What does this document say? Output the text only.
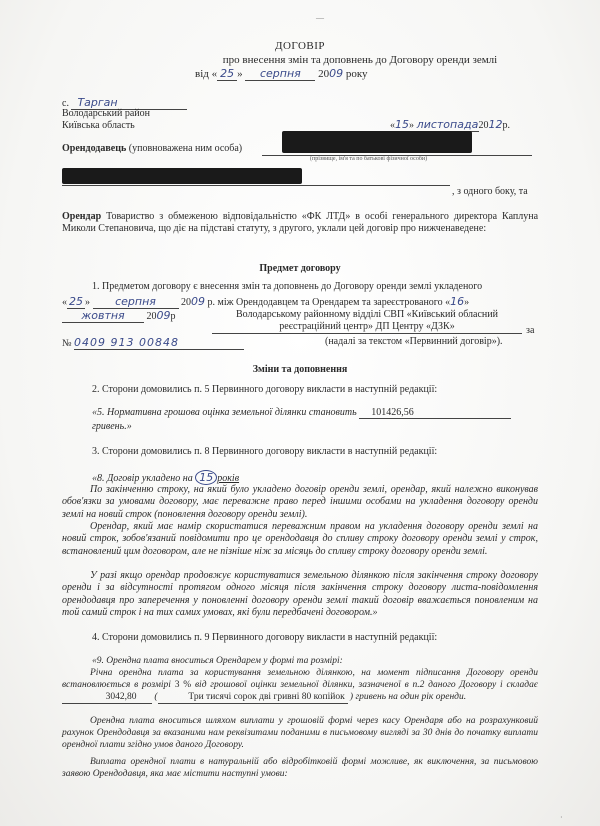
ДОГОВІР
про внесення змін та доповнень до Договору оренди землі
від « 25 » серпня 2009 року
с. Тарган
Володарський район
Київська область	«15» листопада2012р.
Орендодавець (уповноважена ним особа)
(прізвище, ім'я та по батькові фізичної особи)
, з одного боку, та
Орендар Товариство з обмеженою відповідальністю «ФК ЛТД» в особі генерального директора Каплуна Миколи Степановича, що діє на підставі статуту, з другого, уклали цей договір про нижченаведене:
Предмет договору
1. Предметом договору є внесення змін та доповнень до Договору оренди землі укладеного
« 25 » серпня	2009 р. між Орендодавцем та Орендарем та зареєстрованого «16»
жовтня 2009р	Володарському районному відділі СВП «Київський обласний реєстраційний центр» ДП Центру «ДЗК»	за
№ 0409 913 00848	(надалі за текстом «Первинний договір»).
Зміни та доповнення
2. Сторони домовились п. 5 Первинного договору викласти в наступній редакції:
«5. Нормативна грошова оцінка земельної ділянки становить 101426,56
гривень.»
3. Сторони домовились п. 8 Первинного договору викласти в наступній редакції:
«8. Договір укладено на 15 років
По закінченню строку, на який було укладено договір оренди землі, орендар, який належно виконував обов'язки за умовами договору, має переважне право перед іншими особами на укладення договору оренди землі на новий строк (поновлення договору оренди землі).
Орендар, який має намір скористатися переважним правом на укладення договору оренди землі на новий строк, зобов'язаний повідомити про це орендодавця до спливу строку договору оренди землі у строк, встановлений цим договором, але не пізніше ніж за місяць до спливу строку договору оренди землі.
У разі якщо орендар продовжує користуватися земельною ділянкою після закінчення строку договору оренди і за відсутності протягом одного місяця після закінчення строку договору листа-повідомлення орендодавця про заперечення у поновленні договору оренди землі такий договір вважається поновленим на той самий строк і на тих самих умовах, які були передбачені договором.»
4. Сторони домовились п. 9 Первинного договору викласти в наступній редакції:
«9. Орендна плата вноситься Орендарем у формі та розмірі:
Річна орендна плата за користування земельною ділянкою, на момент підписання Договору оренди встановлюється в розмірі 3 % від грошової оцінки земельної ділянки, зазначеної в п.2 даного Договору і складає 3042,80 (	Три тисячі сорок дві гривні 80 копійок ) гривень на один рік оренди.
Орендна плата вноситься шляхом виплати у грошовій формі через касу Орендаря або на розрахунковий рахунок Орендодавця за вказаними нам реквізитами поданими в письмовому вигляді за 30 днів до початку виплати орендної плати згідно умов даного Договору.
Виплата орендної плати в натуральній або відробітковій формі можливе, як виключення, за письмовою заявою Орендодавця, яка має містити наступні умови:
—
·
